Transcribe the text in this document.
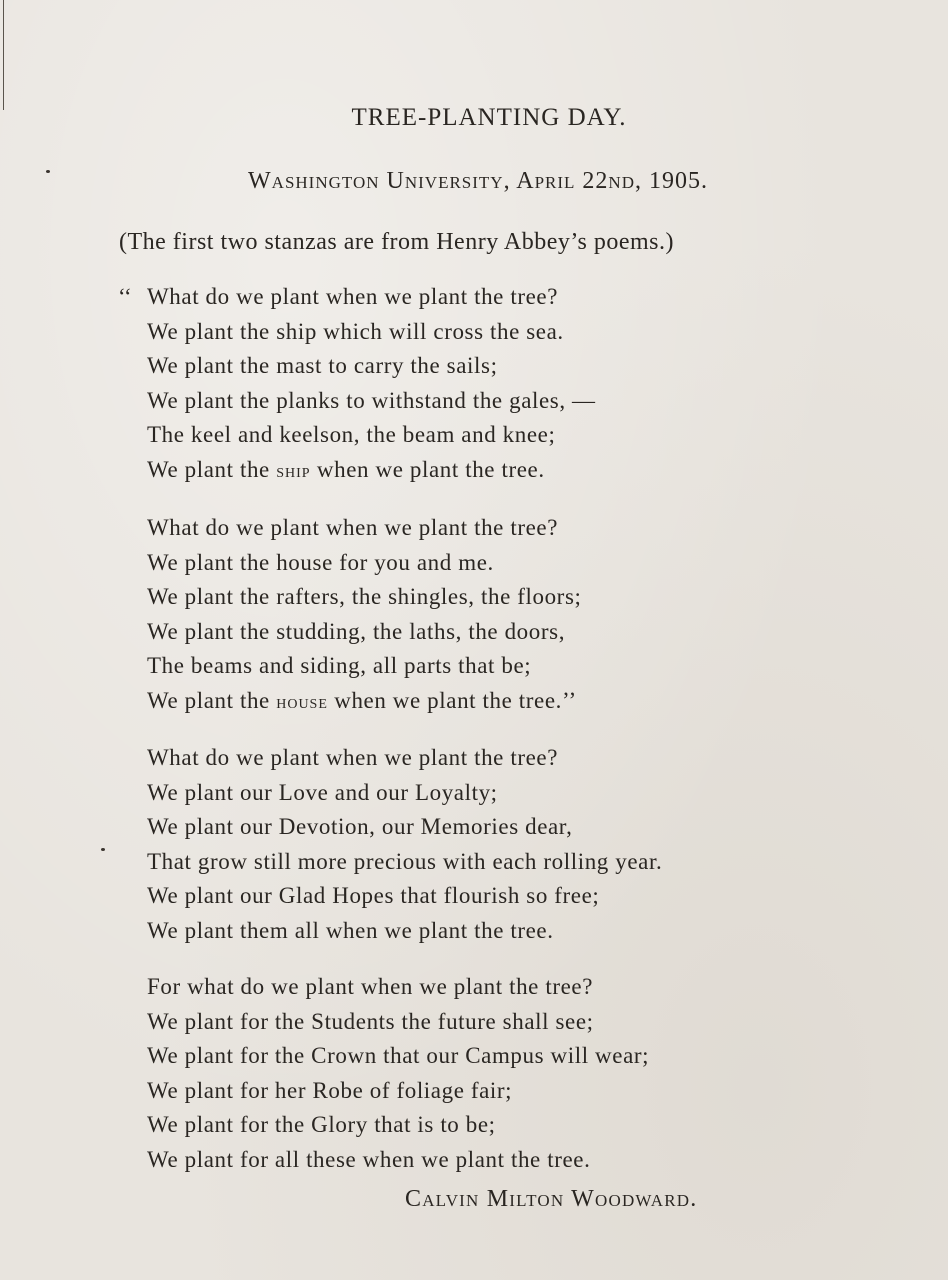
TREE-PLANTING DAY.
Washington University, April 22nd, 1905.
(The first two stanzas are from Henry Abbey’s poems.)
‘‘ What do we plant when we plant the tree?
We plant the ship which will cross the sea.
We plant the mast to carry the sails;
We plant the planks to withstand the gales, —
The keel and keelson, the beam and knee;
We plant the ship when we plant the tree.
What do we plant when we plant the tree?
We plant the house for you and me.
We plant the rafters, the shingles, the floors;
We plant the studding, the laths, the doors,
The beams and siding, all parts that be;
We plant the house when we plant the tree.’’
What do we plant when we plant the tree?
We plant our Love and our Loyalty;
We plant our Devotion, our Memories dear,
That grow still more precious with each rolling year.
We plant our Glad Hopes that flourish so free;
We plant them all when we plant the tree.
For what do we plant when we plant the tree?
We plant for the Students the future shall see;
We plant for the Crown that our Campus will wear;
We plant for her Robe of foliage fair;
We plant for the Glory that is to be;
We plant for all these when we plant the tree.
Calvin Milton Woodward.
